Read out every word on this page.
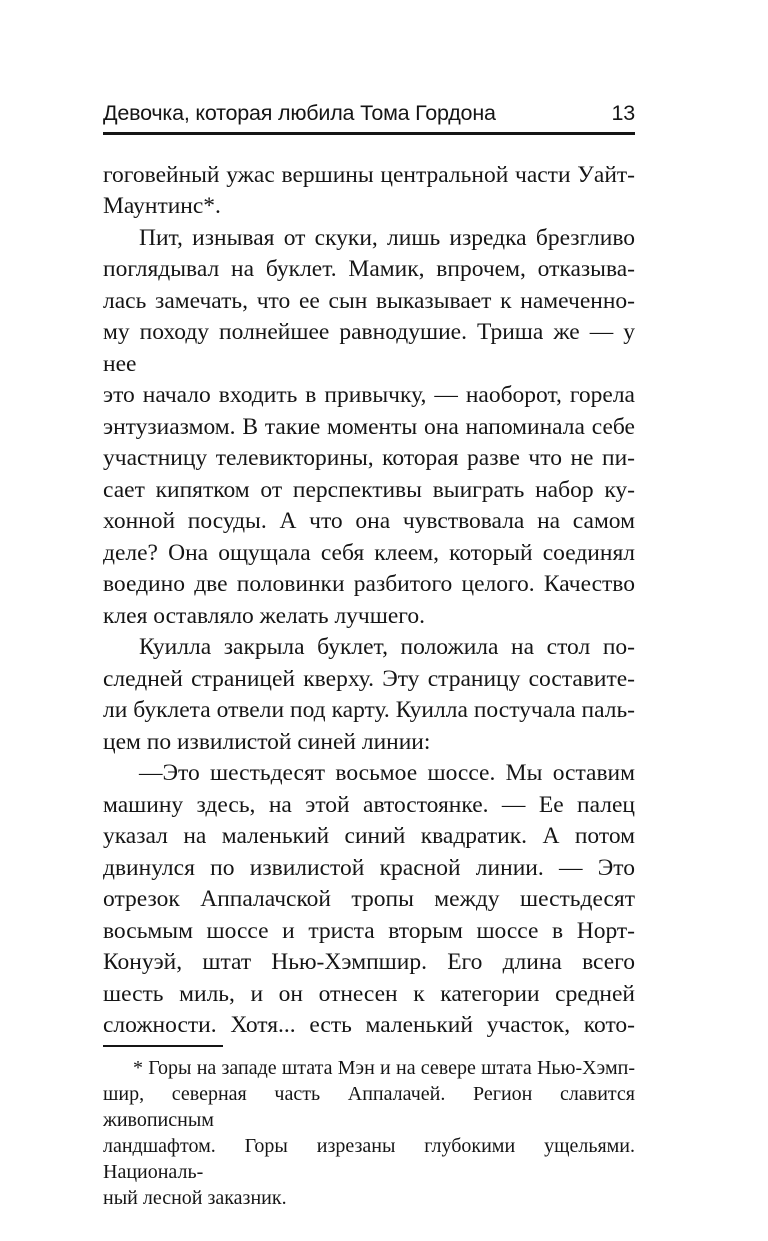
Девочка, которая любила Тома Гордона	13
гоговейный ужас вершины центральной части Уайт-
Маунтинс*.
Пит, изнывая от скуки, лишь изредка брезгливо
поглядывал на буклет. Мамик, впрочем, отказыва-
лась замечать, что ее сын выказывает к намеченно-
му походу полнейшее равнодушие. Триша же — у нее
это начало входить в привычку, — наоборот, горела
энтузиазмом. В такие моменты она напоминала себе
участницу телевикторины, которая разве что не пи-
сает кипятком от перспективы выиграть набор ку-
хонной посуды. А что она чувствовала на самом
деле? Она ощущала себя клеем, который соединял
воедино две половинки разбитого целого. Качество
клея оставляло желать лучшего.
Куилла закрыла буклет, положила на стол по-
следней страницей кверху. Эту страницу составите-
ли буклета отвели под карту. Куилла постучала паль-
цем по извилистой синей линии:
—Это шестьдесят восьмое шоссе. Мы оставим
машину здесь, на этой автостоянке. — Ее палец
указал на маленький синий квадратик. А потом
двинулся по извилистой красной линии. — Это
отрезок Аппалачской тропы между шестьдесят
восьмым шоссе и триста вторым шоссе в Норт-
Конуэй, штат Нью-Хэмпшир. Его длина всего
шесть миль, и он отнесен к категории средней
сложности. Хотя... есть маленький участок, кото-
* Горы на западе штата Мэн и на севере штата Нью-Хэмп-
шир, северная часть Аппалачей. Регион славится живописным
ландшафтом. Горы изрезаны глубокими ущельями. Националь-
ный лесной заказник.
